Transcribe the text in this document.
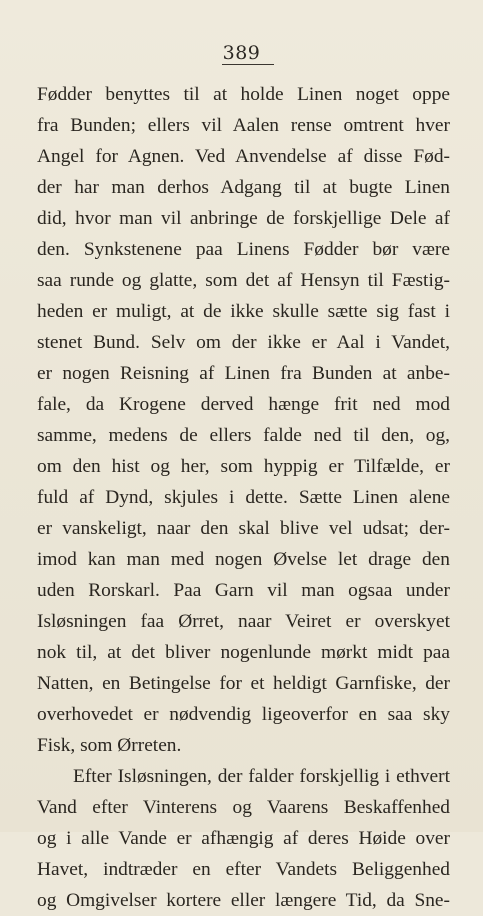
389
Fødder benyttes til at holde Linen noget oppe
fra Bunden; ellers vil Aalen rense omtrent hver
Angel for Agnen. Ved Anvendelse af disse Fød-
der har man derhos Adgang til at bugte Linen
did, hvor man vil anbringe de forskjellige Dele af
den. Synkstenene paa Linens Fødder bør være
saa runde og glatte, som det af Hensyn til Fæstig-
heden er muligt, at de ikke skulle sætte sig fast i
stenet Bund. Selv om der ikke er Aal i Vandet,
er nogen Reisning af Linen fra Bunden at anbe-
fale, da Krogene derved hænge frit ned mod
samme, medens de ellers falde ned til den, og,
om den hist og her, som hyppig er Tilfælde, er
fuld af Dynd, skjules i dette. Sætte Linen alene
er vanskeligt, naar den skal blive vel udsat; der-
imod kan man med nogen Øvelse let drage den
uden Rorskarl. Paa Garn vil man ogsaa under
Isløsningen faa Ørret, naar Veiret er overskyet
nok til, at det bliver nogenlunde mørkt midt paa
Natten, en Betingelse for et heldigt Garnfiske, der
overhovedet er nødvendig ligeoverfor en saa sky
Fisk, som Ørreten.
Efter Isløsningen, der falder forskjellig i ethvert
Vand efter Vinterens og Vaarens Beskaffenhed
og i alle Vande er afhængig af deres Høide over
Havet, indtræder en efter Vandets Beliggenhed
og Omgivelser kortere eller længere Tid, da Sne-
